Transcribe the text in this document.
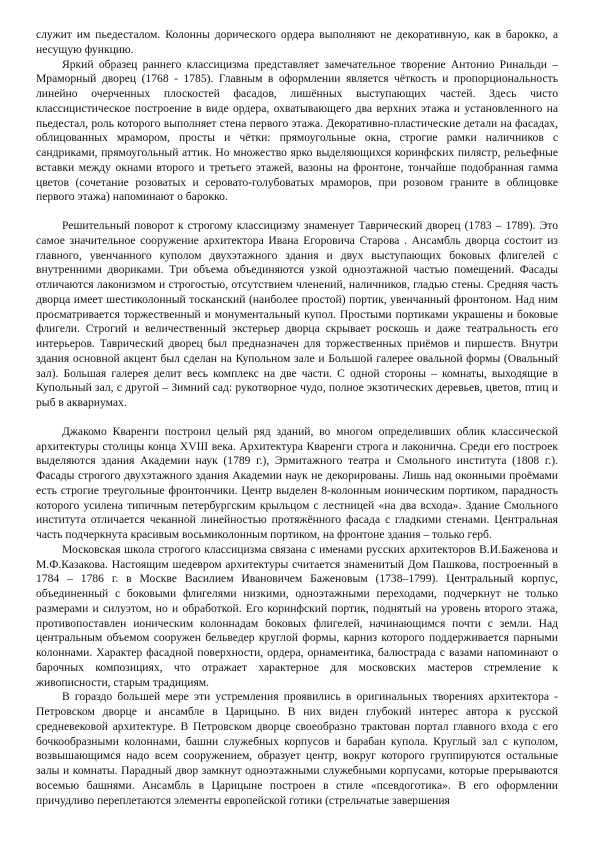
служит им пьедесталом. Колонны дорического ордера выполняют не декоративную, как в барокко, а несущую функцию.

Яркий образец раннего классицизма представляет замечательное творение Антонио Ринальди – Мраморный дворец (1768 - 1785). Главным в оформлении является чёткость и пропорциональность линейно очерченных плоскостей фасадов, лишённых выступающих частей. Здесь чисто классицистическое построение в виде ордера, охватывающего два верхних этажа и установленного на пьедестал, роль которого выполняет стена первого этажа. Декоративно-пластические детали на фасадах, облицованных мрамором, просты и чётки: прямоугольные окна, строгие рамки наличников с сандриками, прямоугольный аттик. Но множество ярко выделяющихся коринфских пилястр, рельефные вставки между окнами второго и третьего этажей, вазоны на фронтоне, тончайше подобранная гамма цветов (сочетание розоватых и серовато-голубоватых мраморов, при розовом граните в облицовке первого этажа) напоминают о барокко.

Решительный поворот к строгому классицизму знаменует Таврический дворец (1783 – 1789). Это самое значительное сооружение архитектора Ивана Егоровича Старова . Ансамбль дворца состоит из главного, увенчанного куполом двухэтажного здания и двух выступающих боковых флигелей с внутренними двориками. Три объема объединяются узкой одноэтажной частью помещений. Фасады отличаются лаконизмом и строгостью, отсутствием членений, наличников, гладью стены. Средняя часть дворца имеет шестиколонный тосканский (наиболее простой) портик, увенчанный фронтоном. Над ним просматривается торжественный и монументальный купол. Простыми портиками украшены и боковые флигели. Строгий и величественный экстерьер дворца скрывает роскошь и даже театральность его интерьеров. Таврический дворец был предназначен для торжественных приёмов и пиршеств. Внутри здания основной акцент был сделан на Купольном зале и Большой галерее овальной формы (Овальный зал). Большая галерея делит весь комплекс на две части. С одной стороны – комнаты, выходящие в Купольный зал, с другой – Зимний сад: рукотворное чудо, полное экзотических деревьев, цветов, птиц и рыб в аквариумах.

Джакомо Кваренги построил целый ряд зданий, во многом определивших облик классической архитектуры столицы конца XVIII века. Архитектура Кваренги строга и лаконична. Среди его построек выделяются здания Академии наук (1789 г.), Эрмитажного театра и Смольного института (1808 г.). Фасады строгого двухэтажного здания Академии наук не декорированы. Лишь над оконными проёмами есть строгие треугольные фронтончики. Центр выделен 8-колонным ионическим портиком, парадность которого усилена типичным петербургским крыльцом с лестницей «на два всхода». Здание Смольного института отличается чеканной линейностью протяжённого фасада с гладкими стенами. Центральная часть подчеркнута красивым восьмиколонным портиком, на фронтоне здания – только герб.

Московская школа строгого классицизма связана с именами русских архитекторов В.И.Баженова и М.Ф.Казакова. Настоящим шедевром архитектуры считается знаменитый Дом Пашкова, построенный в 1784 – 1786 г. в Москве Василием Ивановичем Баженовым (1738–1799). Центральный корпус, объединенный с боковыми флигелями низкими, одноэтажными переходами, подчеркнут не только размерами и силуэтом, но и обработкой. Его коринфский портик, поднятый на уровень второго этажа, противопоставлен ионическим колоннадам боковых флигелей, начинающимся почти с земли. Над центральным объемом сооружен бельведер круглой формы, карниз которого поддерживается парными колоннами. Характер фасадной поверхности, ордера, орнаментика, балюстрада с вазами напоминают о барочных композициях, что отражает характерное для московских мастеров стремление к живописности, старым традициям.

В гораздо большей мере эти устремления проявились в оригинальных творениях архитектора - Петровском дворце и ансамбле в Царицыно. В них виден глубокий интерес автора к русской средневековой архитектуре. В Петровском дворце своеобразно трактован портал главного входа с его бочкообразными колоннами, башни служебных корпусов и барабан купола. Круглый зал с куполом, возвышающимся надо всем сооружением, образует центр, вокруг которого группируются остальные залы и комнаты. Парадный двор замкнут одноэтажными служебными корпусами, которые прерываются восемью башнями. Ансамбль в Царицыне построен в стиле «псевдоготика». В его оформлении причудливо переплетаются элементы европейской готики (стрельчатые завершения
